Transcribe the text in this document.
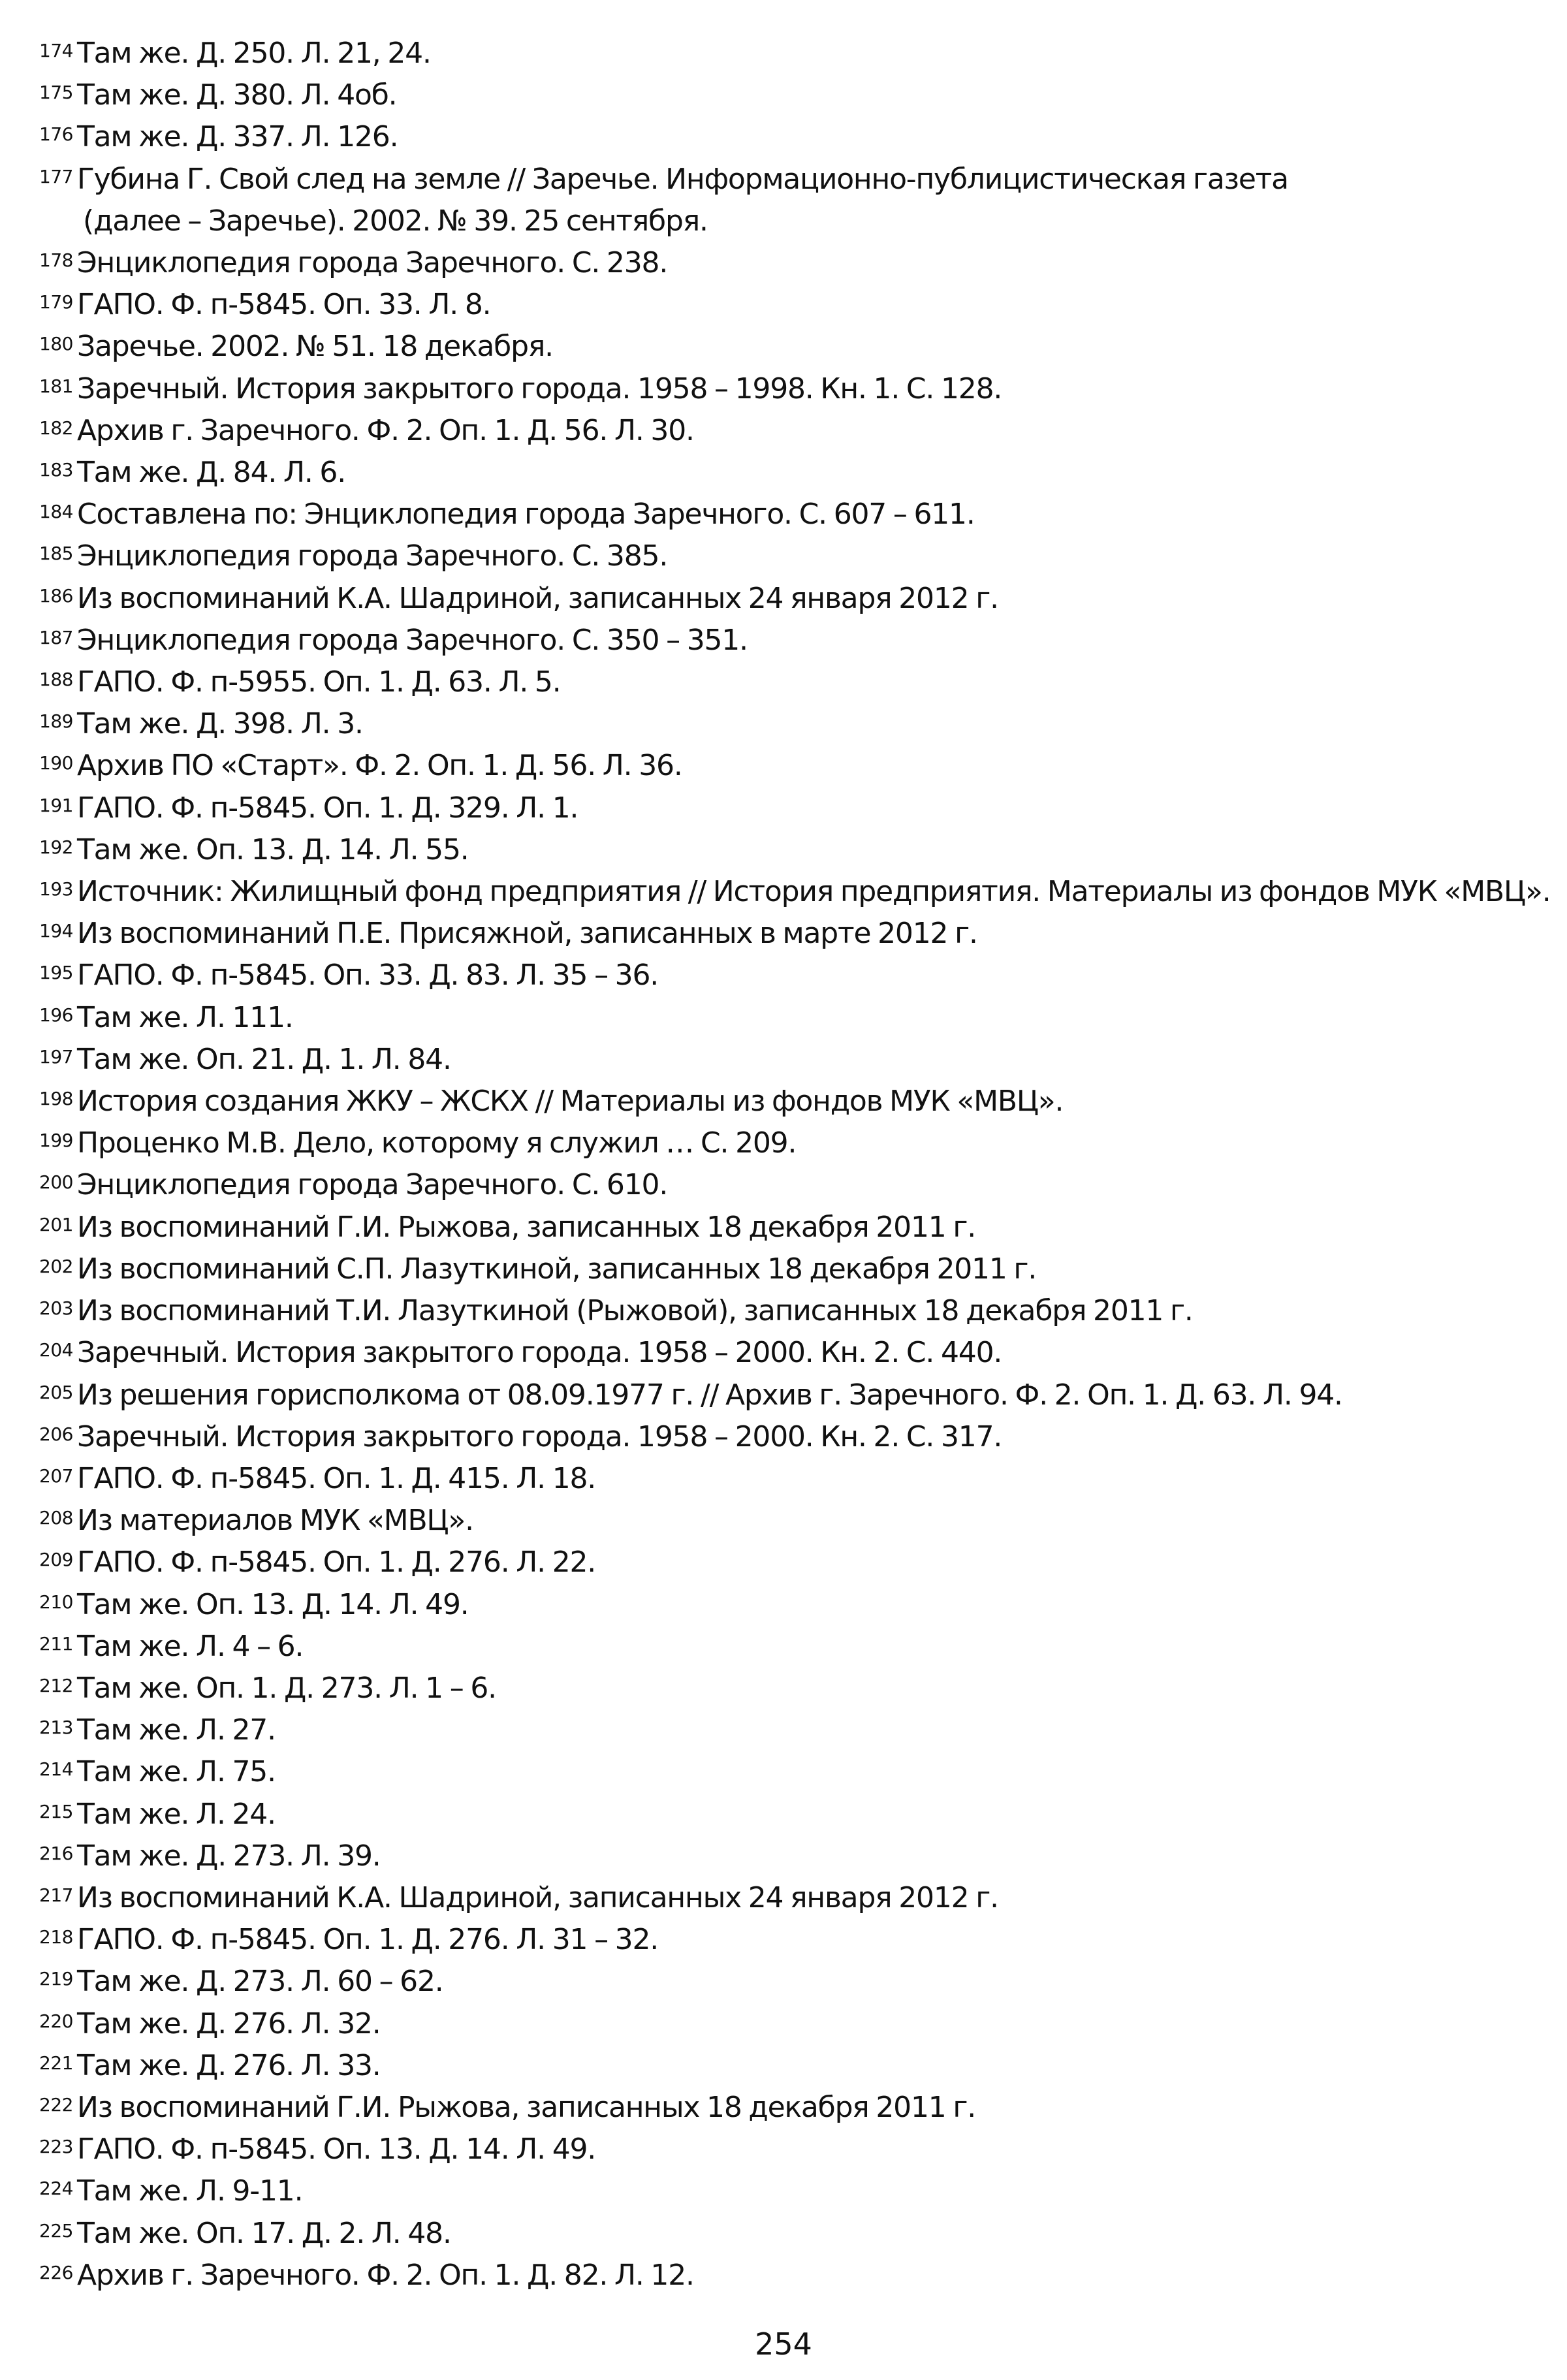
$^{174}$ Там же. Д. 250. Л. 21, 24.
$^{175}$ Там же. Д. 380. Л. 4об.
$^{176}$ Там же. Д. 337. Л. 126.
$^{177}$ Губина Г. Свой след на земле // Заречье. Информационно-публицистическая газета
(далее – Заречье). 2002. № 39. 25 сентября.
$^{178}$ Энциклопедия города Заречного. С. 238.
$^{179}$ ГАПО. Ф. п-5845. Оп. 33. Л. 8.
$^{180}$ Заречье. 2002. № 51. 18 декабря.
$^{181}$ Заречный. История закрытого города. 1958 – 1998. Кн. 1. С. 128.
$^{182}$ Архив г. Заречного. Ф. 2. Оп. 1. Д. 56. Л. 30.
$^{183}$ Там же. Д. 84. Л. 6.
$^{184}$ Составлена по: Энциклопедия города Заречного. С. 607 – 611.
$^{185}$ Энциклопедия города Заречного. С. 385.
$^{186}$ Из воспоминаний К.А. Шадриной, записанных 24 января 2012 г.
$^{187}$ Энциклопедия города Заречного. С. 350 – 351.
$^{188}$ ГАПО. Ф. п-5955. Оп. 1. Д. 63. Л. 5.
$^{189}$ Там же. Д. 398. Л. 3.
$^{190}$ Архив ПО «Старт». Ф. 2. Оп. 1. Д. 56. Л. 36.
$^{191}$ ГАПО. Ф. п-5845. Оп. 1. Д. 329. Л. 1.
$^{192}$ Там же. Оп. 13. Д. 14. Л. 55.
$^{193}$ Источник: Жилищный фонд предприятия // История предприятия. Материалы из фондов МУК «МВЦ».
$^{194}$ Из воспоминаний П.Е. Присяжной, записанных в марте 2012 г.
$^{195}$ ГАПО. Ф. п-5845. Оп. 33. Д. 83. Л. 35 – 36.
$^{196}$ Там же. Л. 111.
$^{197}$ Там же. Оп. 21. Д. 1. Л. 84.
$^{198}$ История создания ЖКУ – ЖСКХ // Материалы из фондов МУК «МВЦ».
$^{199}$ Проценко М.В. Дело, которому я служил … С. 209.
$^{200}$ Энциклопедия города Заречного. С. 610.
$^{201}$ Из воспоминаний Г.И. Рыжова, записанных 18 декабря 2011 г.
$^{202}$ Из воспоминаний С.П. Лазуткиной, записанных 18 декабря 2011 г.
$^{203}$ Из воспоминаний Т.И. Лазуткиной (Рыжовой), записанных 18 декабря 2011 г.
$^{204}$ Заречный. История закрытого города. 1958 – 2000. Кн. 2. С. 440.
$^{205}$ Из решения горисполкома от 08.09.1977 г. // Архив г. Заречного. Ф. 2. Оп. 1. Д. 63. Л. 94.
$^{206}$ Заречный. История закрытого города. 1958 – 2000. Кн. 2. С. 317.
$^{207}$ ГАПО. Ф. п-5845. Оп. 1. Д. 415. Л. 18.
$^{208}$ Из материалов МУК «МВЦ».
$^{209}$ ГАПО. Ф. п-5845. Оп. 1. Д. 276. Л. 22.
$^{210}$ Там же. Оп. 13. Д. 14. Л. 49.
$^{211}$ Там же. Л. 4 – 6.
$^{212}$ Там же. Оп. 1. Д. 273. Л. 1 – 6.
$^{213}$ Там же. Л. 27.
$^{214}$ Там же. Л. 75.
$^{215}$ Там же. Л. 24.
$^{216}$ Там же. Д. 273. Л. 39.
$^{217}$ Из воспоминаний К.А. Шадриной, записанных 24 января 2012 г.
$^{218}$ ГАПО. Ф. п-5845. Оп. 1. Д. 276. Л. 31 – 32.
$^{219}$ Там же. Д. 273. Л. 60 – 62.
$^{220}$ Там же. Д. 276. Л. 32.
$^{221}$ Там же. Д. 276. Л. 33.
$^{222}$ Из воспоминаний Г.И. Рыжова, записанных 18 декабря 2011 г.
$^{223}$ ГАПО. Ф. п-5845. Оп. 13. Д. 14. Л. 49.
$^{224}$ Там же. Л. 9-11.
$^{225}$ Там же. Оп. 17. Д. 2. Л. 48.
$^{226}$ Архив г. Заречного. Ф. 2. Оп. 1. Д. 82. Л. 12.
254
